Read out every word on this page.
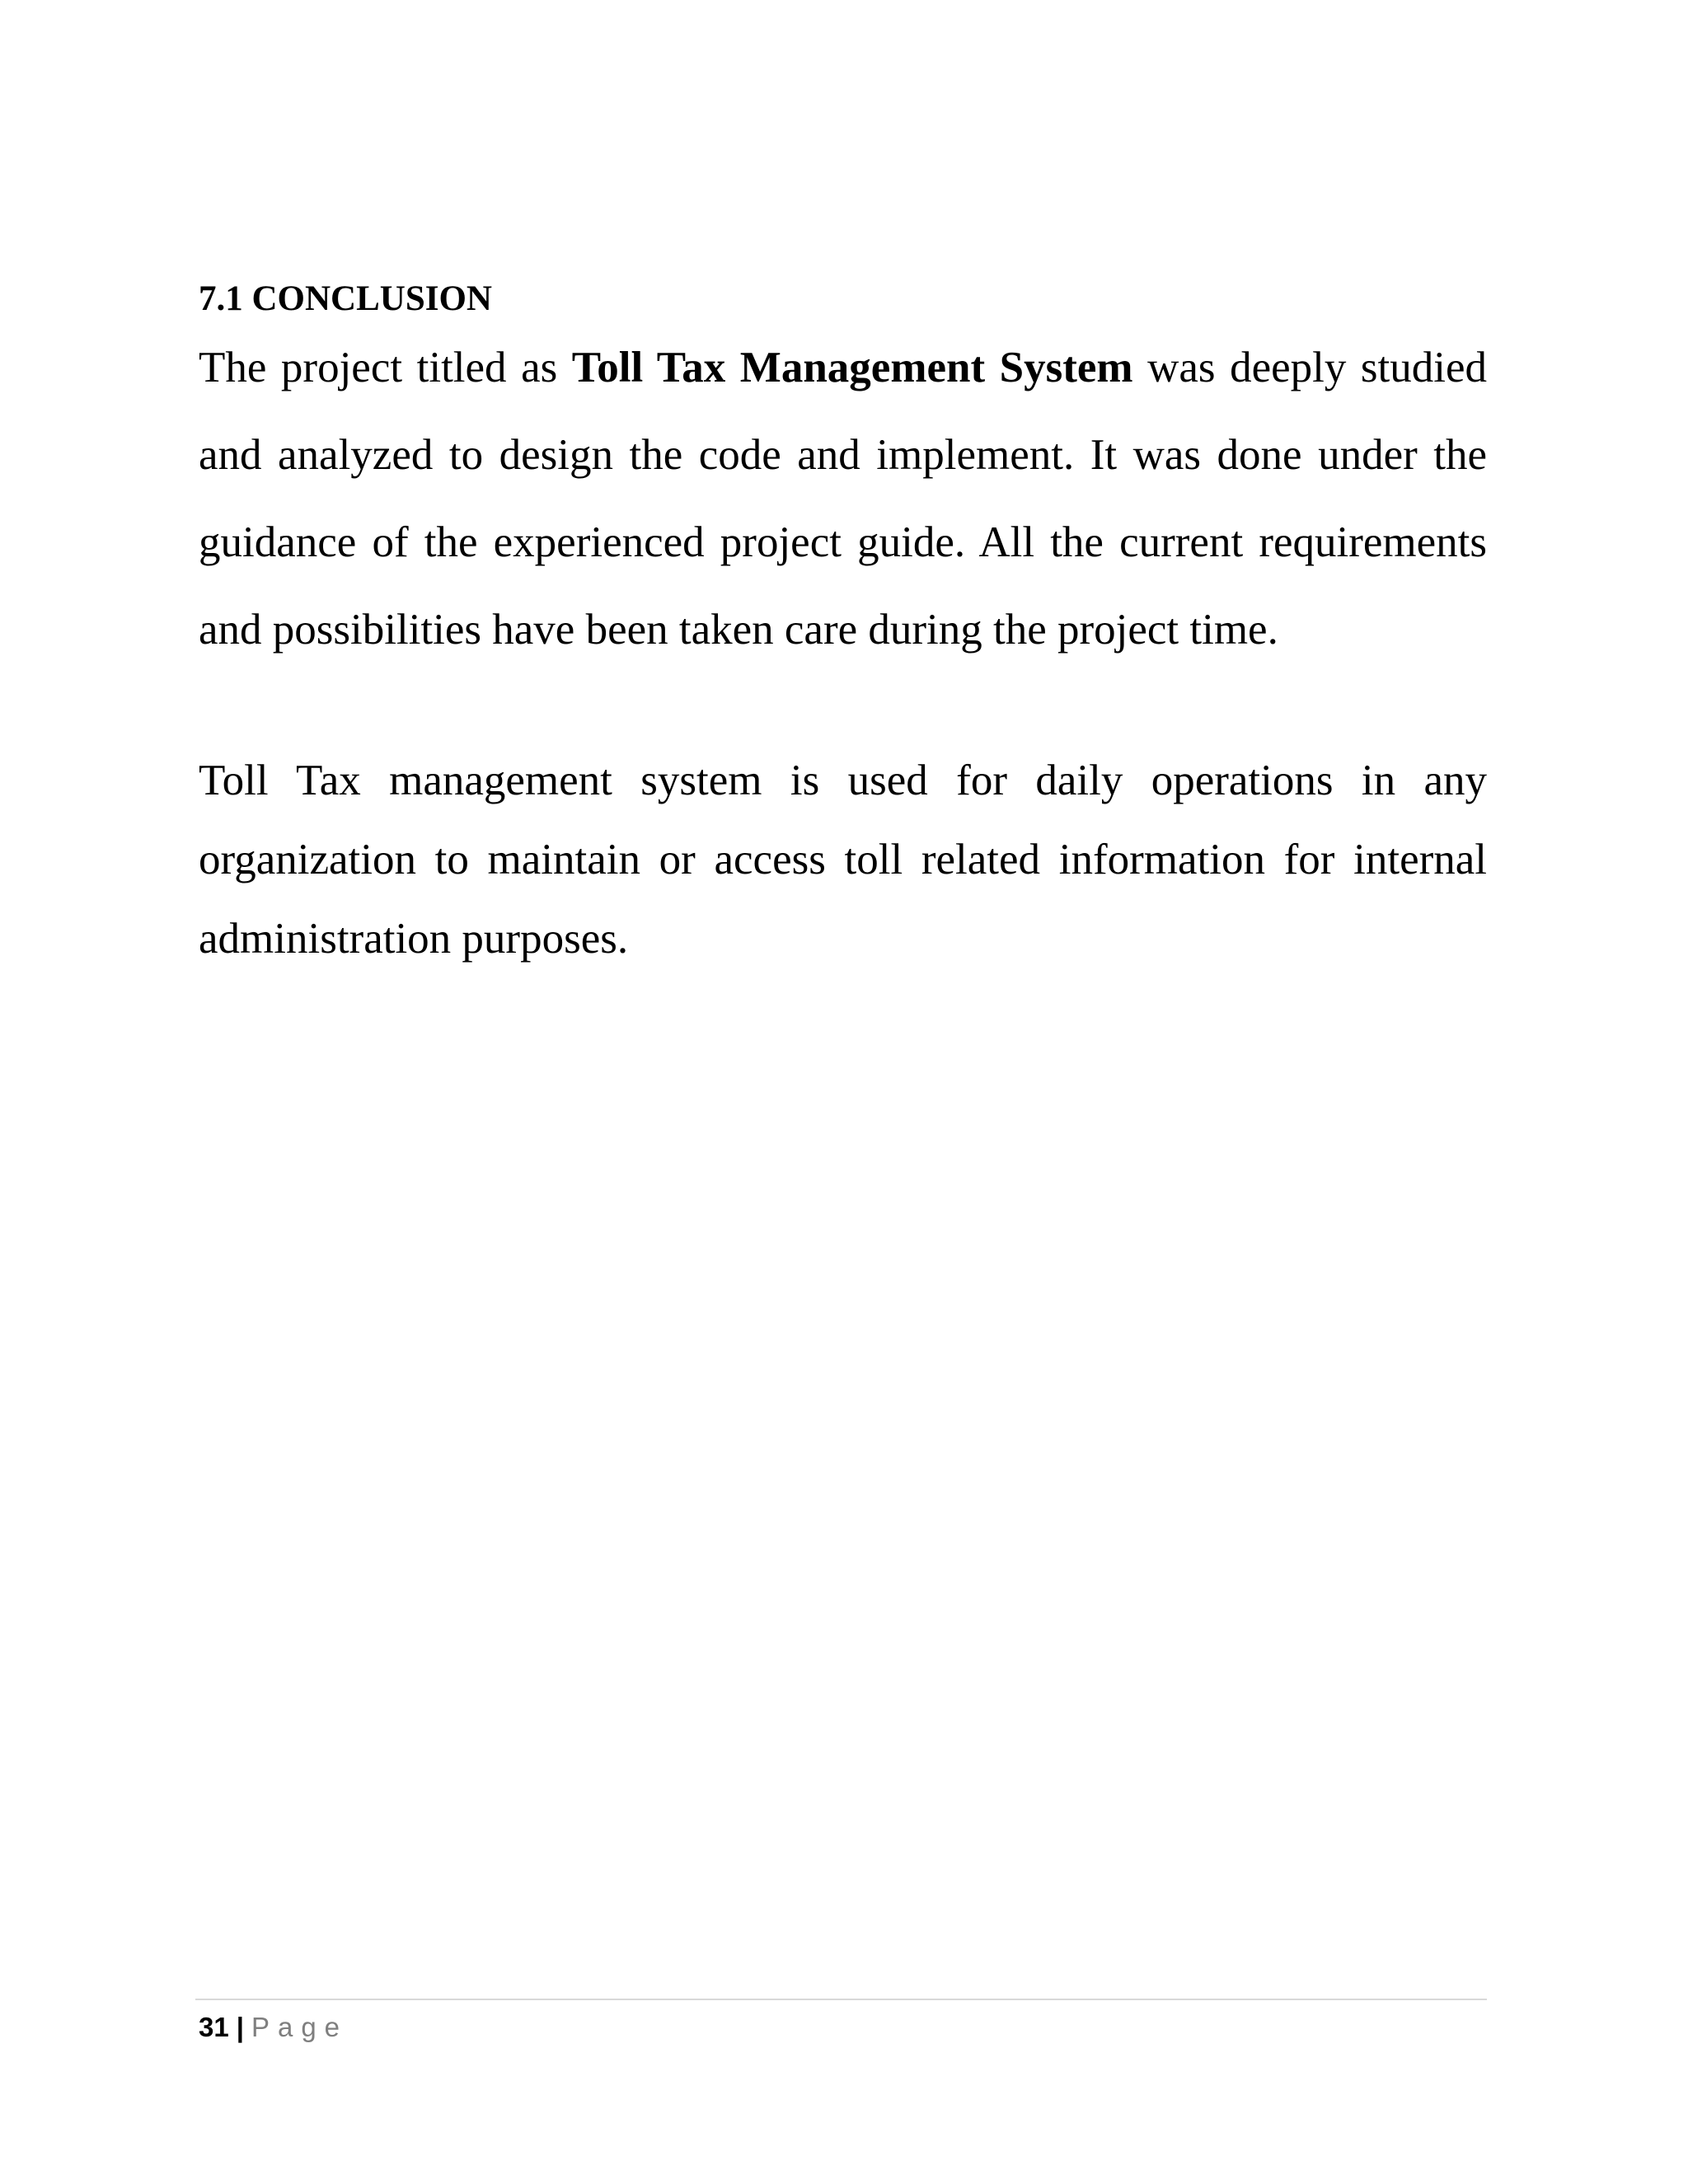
7.1 CONCLUSION

The project titled as Toll Tax Management System was deeply studied and analyzed to design the code and implement. It was done under the guidance of the experienced project guide. All the current requirements and possibilities have been taken care during the project time.

Toll Tax management system is used for daily operations in any organization to maintain or access toll related information for internal administration purposes.

31 | Page
